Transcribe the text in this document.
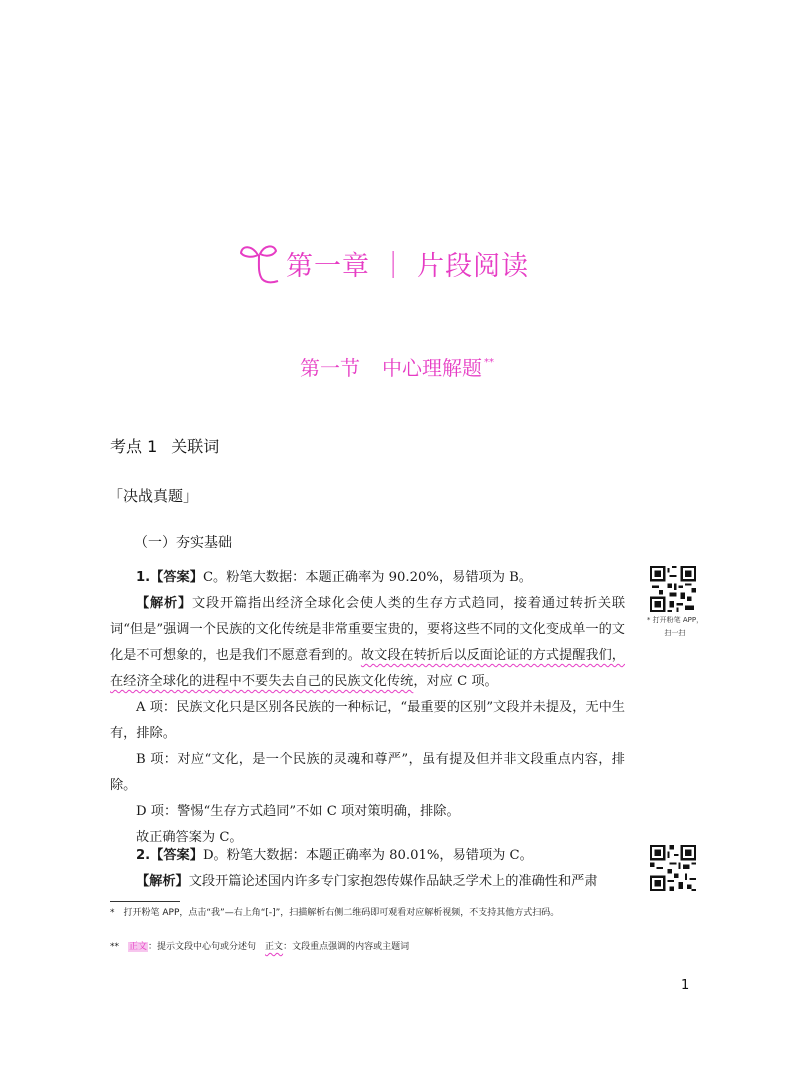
第一章 ｜ 片段阅读
第一节 中心理解题 **
考点 1 关联词
「决战真题」
（一）夯实基础
1.【答案】C。粉笔大数据：本题正确率为 90.20%，易错项为 B。
【解析】文段开篇指出经济全球化会使人类的生存方式趋同，接着通过转折关联词“但是”强调一个民族的文化传统是非常重要宝贵的，要将这些不同的文化变成单一的文化是不可想象的，也是我们不愿意看到的。故文段在转折后以反面论证的方式提醒我们，在经济全球化的进程中不要失去自己的民族文化传统，对应 C 项。
A 项：民族文化只是区别各民族的一种标记，“最重要的区别”文段并未提及，无中生有，排除。
B 项：对应“文化，是一个民族的灵魂和尊严”，虽有提及但并非文段重点内容，排除。
D 项：警惕“生存方式趋同”不如 C 项对策明确，排除。
故正确答案为 C。
2.【答案】D。粉笔大数据：本题正确率为 80.01%，易错项为 C。
【解析】文段开篇论述国内许多专门家抱怨传媒作品缺乏学术上的准确性和严肃
* 打开粉笔 APP，
扫一扫
*　打开粉笔 APP，点击“我”—右上角“[-]”，扫描解析右侧二维码即可观看对应解析视频，不支持其他方式扫码。
**　正文：提示文段中心句或分述句　正文：文段重点强调的内容或主题词
1
